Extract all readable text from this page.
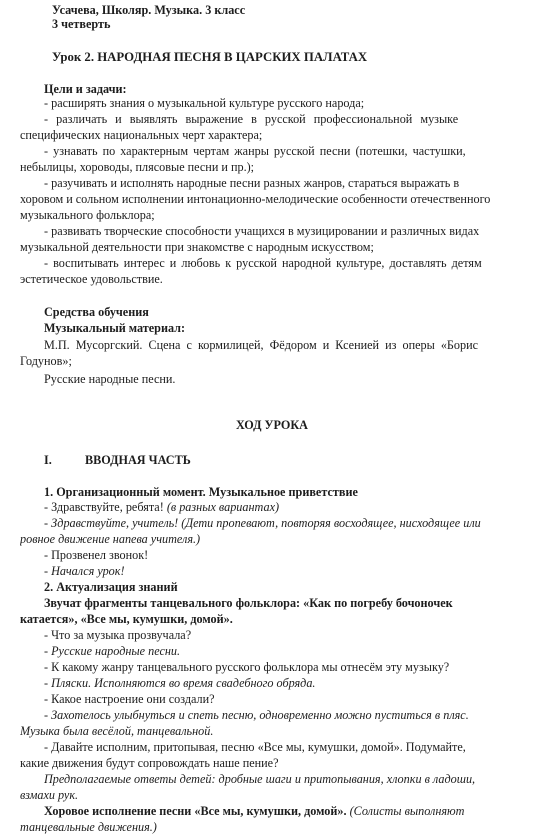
Усачева, Школяр. Музыка. 3 класс
3 четверть
Урок 2. НАРОДНАЯ ПЕСНЯ В ЦАРСКИХ ПАЛАТАХ
Цели и задачи:
- расширять знания о музыкальной культуре русского народа;
- различать и выявлять выражение в русской профессиональной музыке
специфических национальных черт характера;
- узнавать по характерным чертам жанры русской песни (потешки, частушки,
небылицы, хороводы, плясовые песни и пр.);
- разучивать и исполнять народные песни разных жанров, стараться выражать в
хоровом и сольном исполнении интонационно-мелодические особенности отечественного
музыкального фольклора;
- развивать творческие способности учащихся в музицировании и различных видах
музыкальной деятельности при знакомстве с народным искусством;
- воспитывать интерес и любовь к русской народной культуре, доставлять детям
эстетическое удовольствие.
Средства обучения
Музыкальный материал:
М.П. Мусоргский. Сцена с кормилицей, Фёдором и Ксенией из оперы «Борис
Годунов»;
Русские народные песни.
ХОД УРОКА
I.	ВВОДНАЯ ЧАСТЬ
1. Организационный момент. Музыкальное приветствие
- Здравствуйте, ребята! (в разных вариантах)
- Здравствуйте, учитель! (Дети пропевают, повторяя восходящее, нисходящее или
ровное движение напева учителя.)
- Прозвенел звонок!
- Начался урок!
2. Актуализация знаний
Звучат фрагменты танцевального фольклора: «Как по погребу бочоночек
катается», «Все мы, кумушки, домой».
- Что за музыка прозвучала?
- Русские народные песни.
- К какому жанру танцевального русского фольклора мы отнесём эту музыку?
- Пляски. Исполняются во время свадебного обряда.
- Какое настроение они создали?
- Захотелось улыбнуться и спеть песню, одновременно можно пуститься в пляс.
Музыка была весёлой, танцевальной.
- Давайте исполним, притопывая, песню «Все мы, кумушки, домой». Подумайте,
какие движения будут сопровождать наше пение?
Предполагаемые ответы детей: дробные шаги и притопывания, хлопки в ладоши,
взмахи рук.
Хоровое исполнение песни «Все мы, кумушки, домой». (Солисты выполняют
танцевальные движения.)
